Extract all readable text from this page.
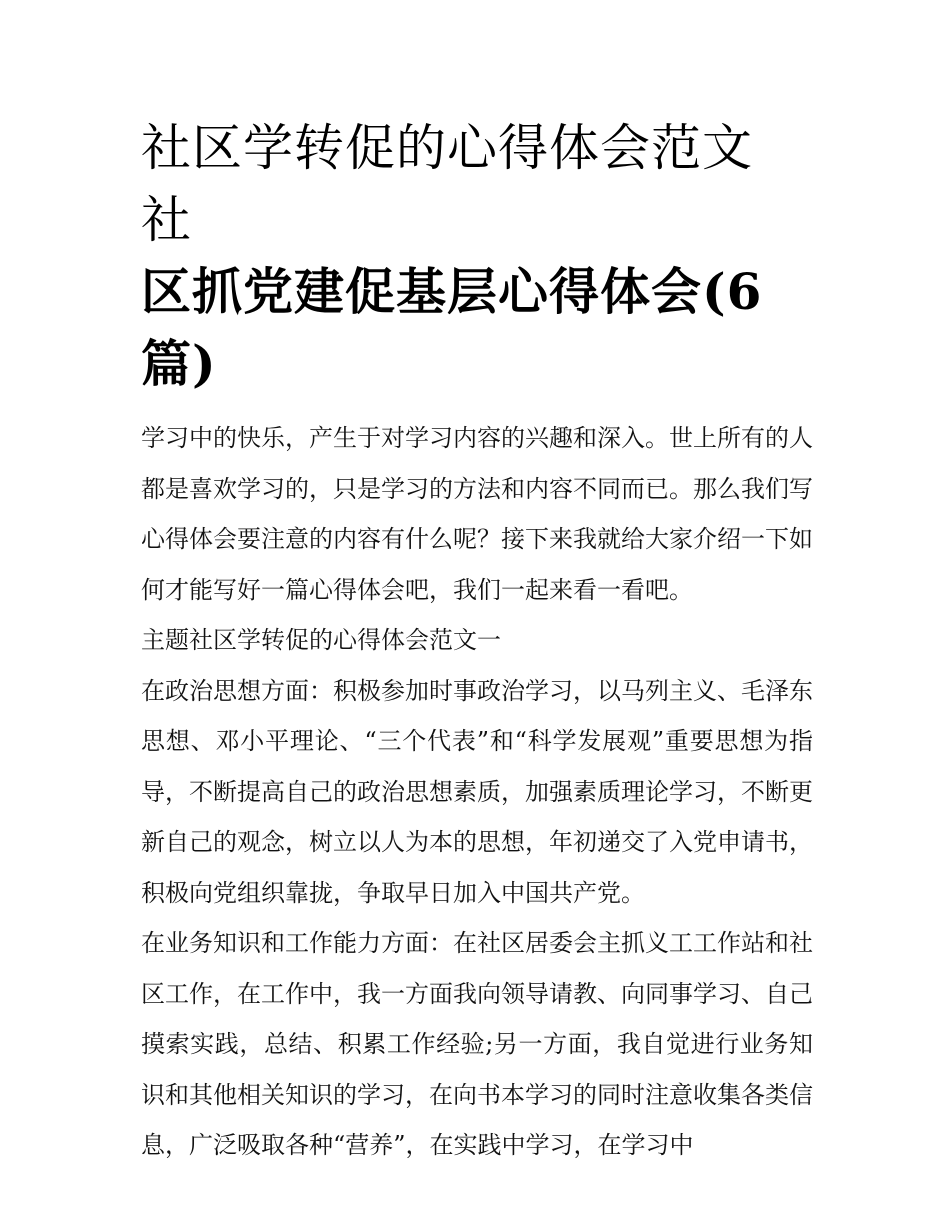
社区学转促的心得体会范文 社
区抓党建促基层心得体会(6
篇)

学习中的快乐，产生于对学习内容的兴趣和深入。世上所有的人都是喜欢学习的，只是学习的方法和内容不同而已。那么我们写心得体会要注意的内容有什么呢？接下来我就给大家介绍一下如何才能写好一篇心得体会吧，我们一起来看一看吧。

主题社区学转促的心得体会范文一

在政治思想方面：积极参加时事政治学习，以马列主义、毛泽东思想、邓小平理论、“三个代表”和“科学发展观”重要思想为指导，不断提高自己的政治思想素质，加强素质理论学习，不断更新自己的观念，树立以人为本的思想，年初递交了入党申请书，积极向党组织靠拢，争取早日加入中国共产党。

在业务知识和工作能力方面：在社区居委会主抓义工工作站和社区工作，在工作中，我一方面我向领导请教、向同事学习、自己摸索实践，总结、积累工作经验;另一方面，我自觉进行业务知识和其他相关知识的学习，在向书本学习的同时注意收集各类信息，广泛吸取各种“营养”，在实践中学习，在学习中
